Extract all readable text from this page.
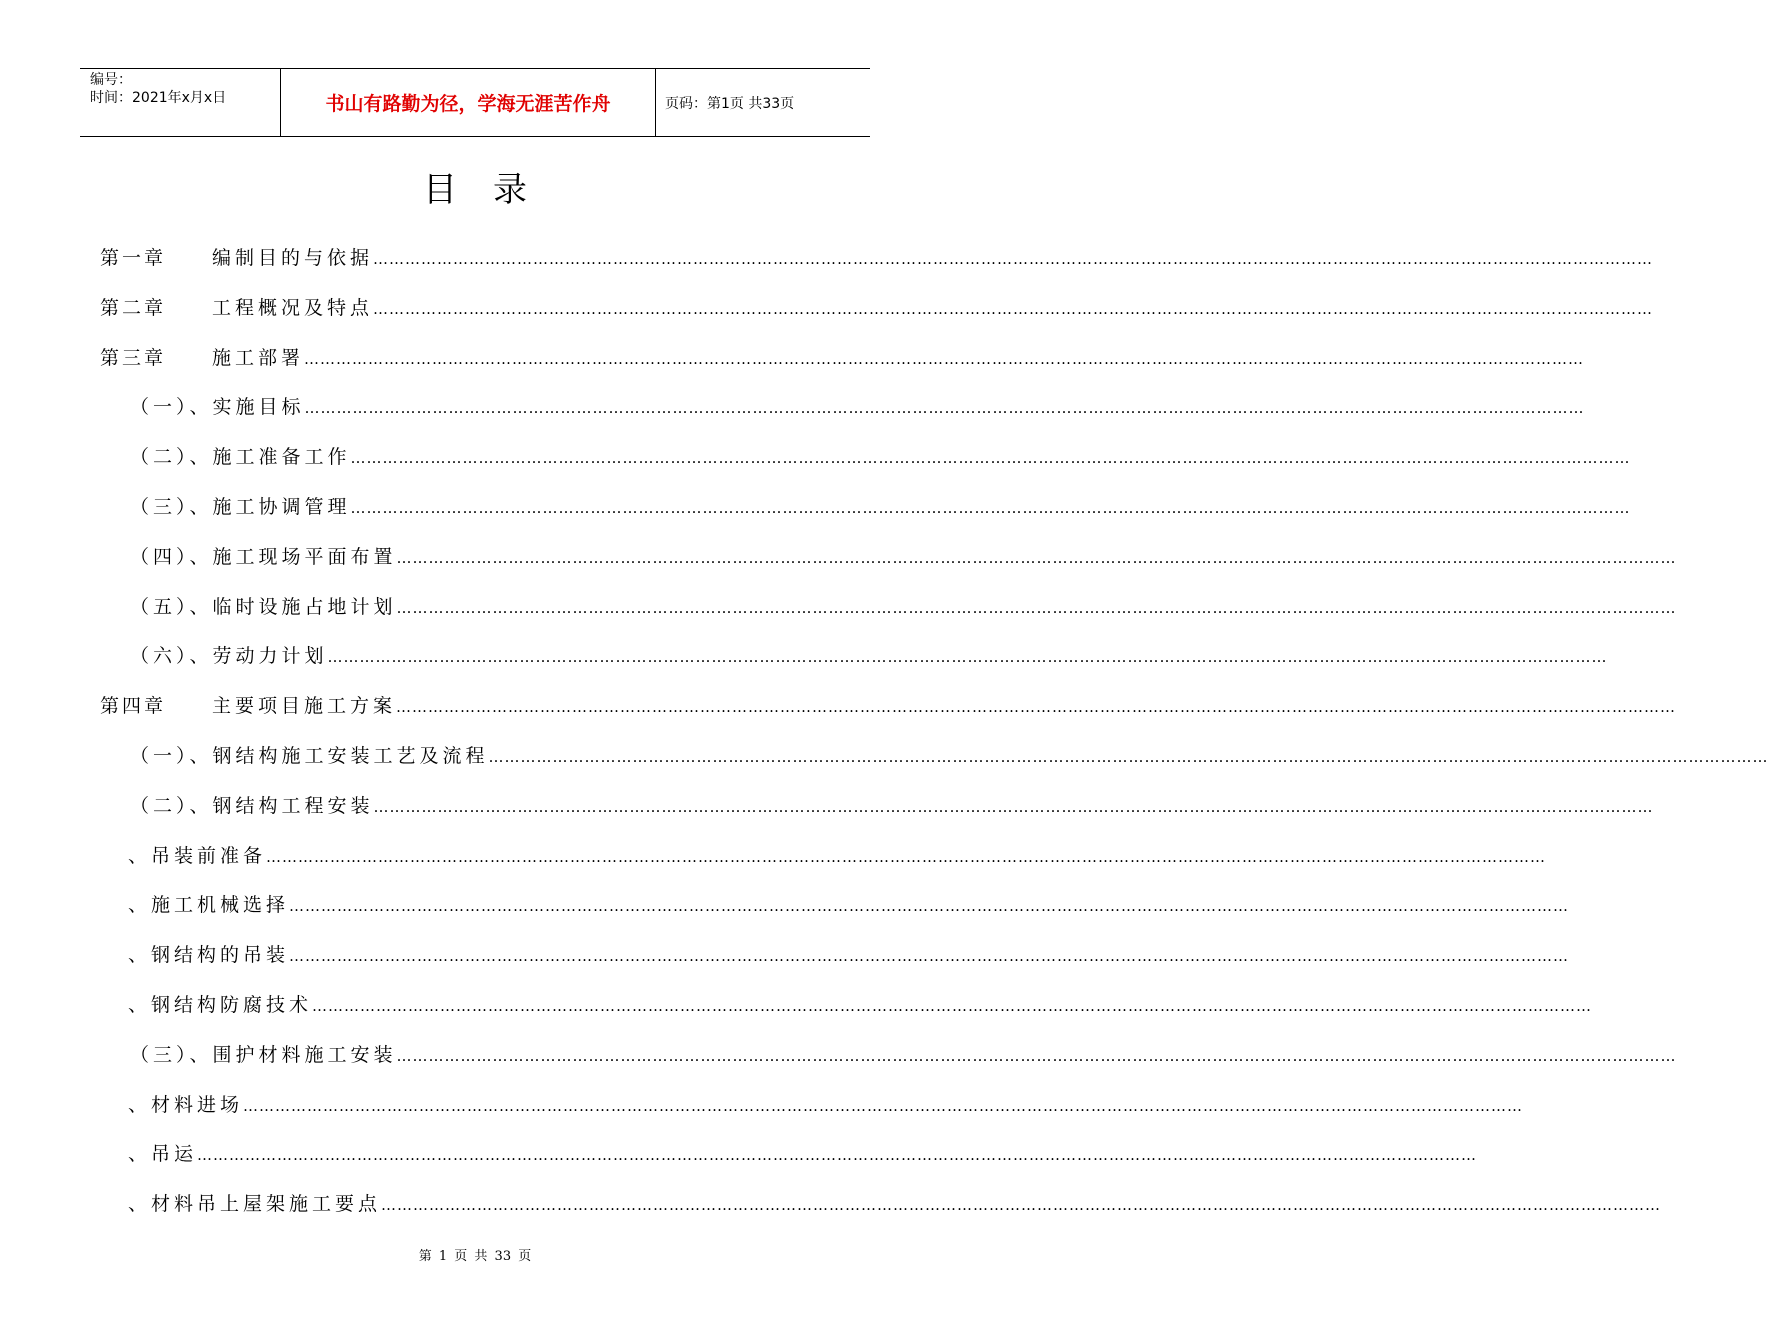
编号：
时间：2021年x月x日	书山有路勤为径，学海无涯苦作舟	页码：第1页 共33页
目录
第一章 编制目的与依据……………………………………………………………………………………………………………………………………………………………………………………………………………………
第二章 工程概况及特点……………………………………………………………………………………………………………………………………………………………………………………………………………………
第三章 施工部署……………………………………………………………………………………………………………………………………………………………………………………………………………………
（一）、实施目标……………………………………………………………………………………………………………………………………………………………………………………………………………………
（二）、施工准备工作……………………………………………………………………………………………………………………………………………………………………………………………………………………
（三）、施工协调管理……………………………………………………………………………………………………………………………………………………………………………………………………………………
（四）、施工现场平面布置……………………………………………………………………………………………………………………………………………………………………………………………………………………
（五）、临时设施占地计划……………………………………………………………………………………………………………………………………………………………………………………………………………………
（六）、劳动力计划……………………………………………………………………………………………………………………………………………………………………………………………………………………
第四章 主要项目施工方案……………………………………………………………………………………………………………………………………………………………………………………………………………………
（一）、钢结构施工安装工艺及流程……………………………………………………………………………………………………………………………………………………………………………………………………………………
（二）、钢结构工程安装……………………………………………………………………………………………………………………………………………………………………………………………………………………
、吊装前准备……………………………………………………………………………………………………………………………………………………………………………………………………………………
、施工机械选择……………………………………………………………………………………………………………………………………………………………………………………………………………………
、钢结构的吊装……………………………………………………………………………………………………………………………………………………………………………………………………………………
、钢结构防腐技术……………………………………………………………………………………………………………………………………………………………………………………………………………………
（三）、围护材料施工安装……………………………………………………………………………………………………………………………………………………………………………………………………………………
、材料进场……………………………………………………………………………………………………………………………………………………………………………………………………………………
、吊运……………………………………………………………………………………………………………………………………………………………………………………………………………………
、材料吊上屋架施工要点……………………………………………………………………………………………………………………………………………………………………………………………………………………
第 1 页 共 33 页
